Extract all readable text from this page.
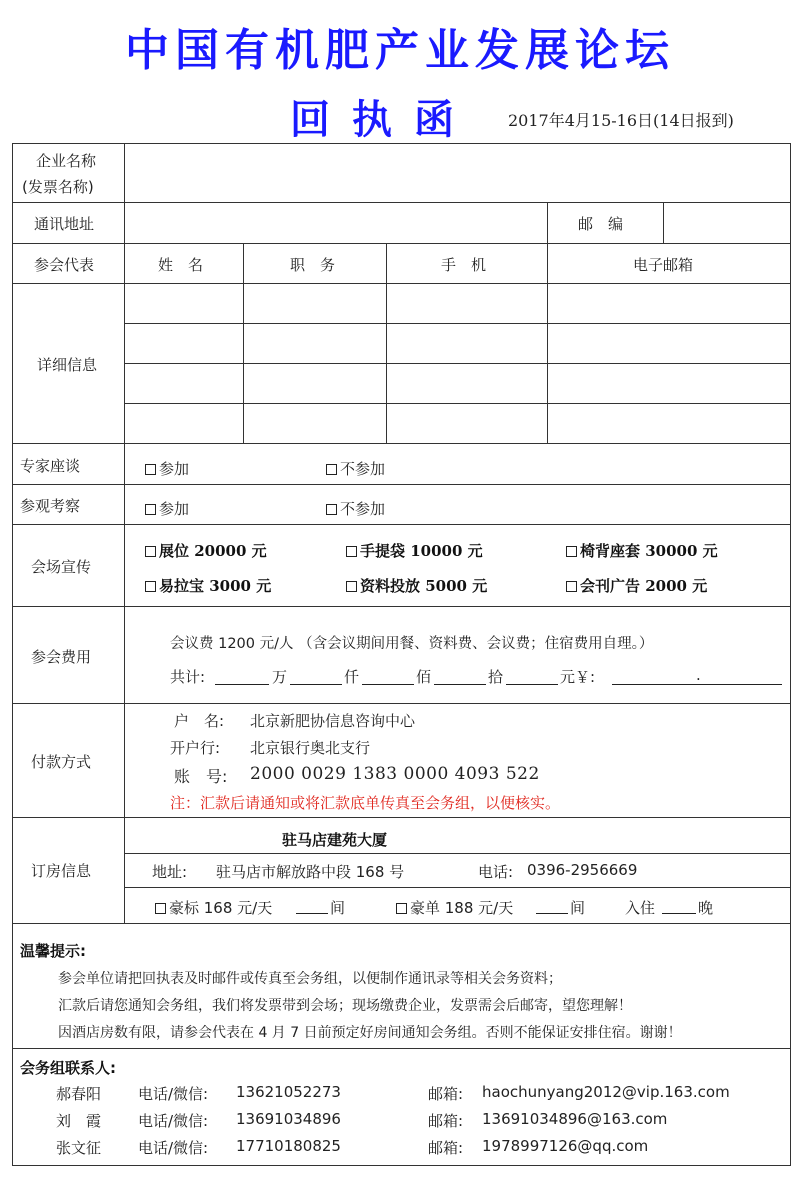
中国有机肥产业发展论坛
回执函 2017年4月15-16日(14日报到)
企业名称
(发票名称)
通讯地址	邮　编
参会代表	姓　名	职　务	手　机	电子邮箱
详细信息
专家座谈	参加	不参加
参观考察	参加	不参加
会场宣传
展位 20000 元	手提袋 10000 元	椅背座套 30000 元
易拉宝 3000 元	资料投放 5000 元	会刊广告 2000 元
参会费用
会议费 1200 元/人 （含会议期间用餐、资料费、会议费；住宿费用自理。）
共计:	万	仟	佰	拾	元￥:	.
付款方式
户　名: 北京新肥协信息咨询中心
开户行: 北京银行奥北支行
账　号: 2000 0029 1383 0000 4093 522
注：汇款后请通知或将汇款底单传真至会务组，以便核实。
订房信息
驻马店建苑大厦
地址: 驻马店市解放路中段 168 号	电话: 0396-2956669
豪标 168 元/天	间	豪单 188 元/天	间	入住	晚
温馨提示:
参会单位请把回执表及时邮件或传真至会务组，以便制作通讯录等相关会务资料；
汇款后请您通知会务组，我们将发票带到会场；现场缴费企业，发票需会后邮寄，望您理解！
因酒店房数有限，请参会代表在 4 月 7 日前预定好房间通知会务组。否则不能保证安排住宿。谢谢！
会务组联系人:
郝春阳 电话/微信: 13621052273	邮箱: haochunyang2012@vip.163.com
刘　霞 电话/微信: 13691034896	邮箱: 13691034896@163.com
张文征 电话/微信: 17710180825	邮箱: 1978997126@qq.com
